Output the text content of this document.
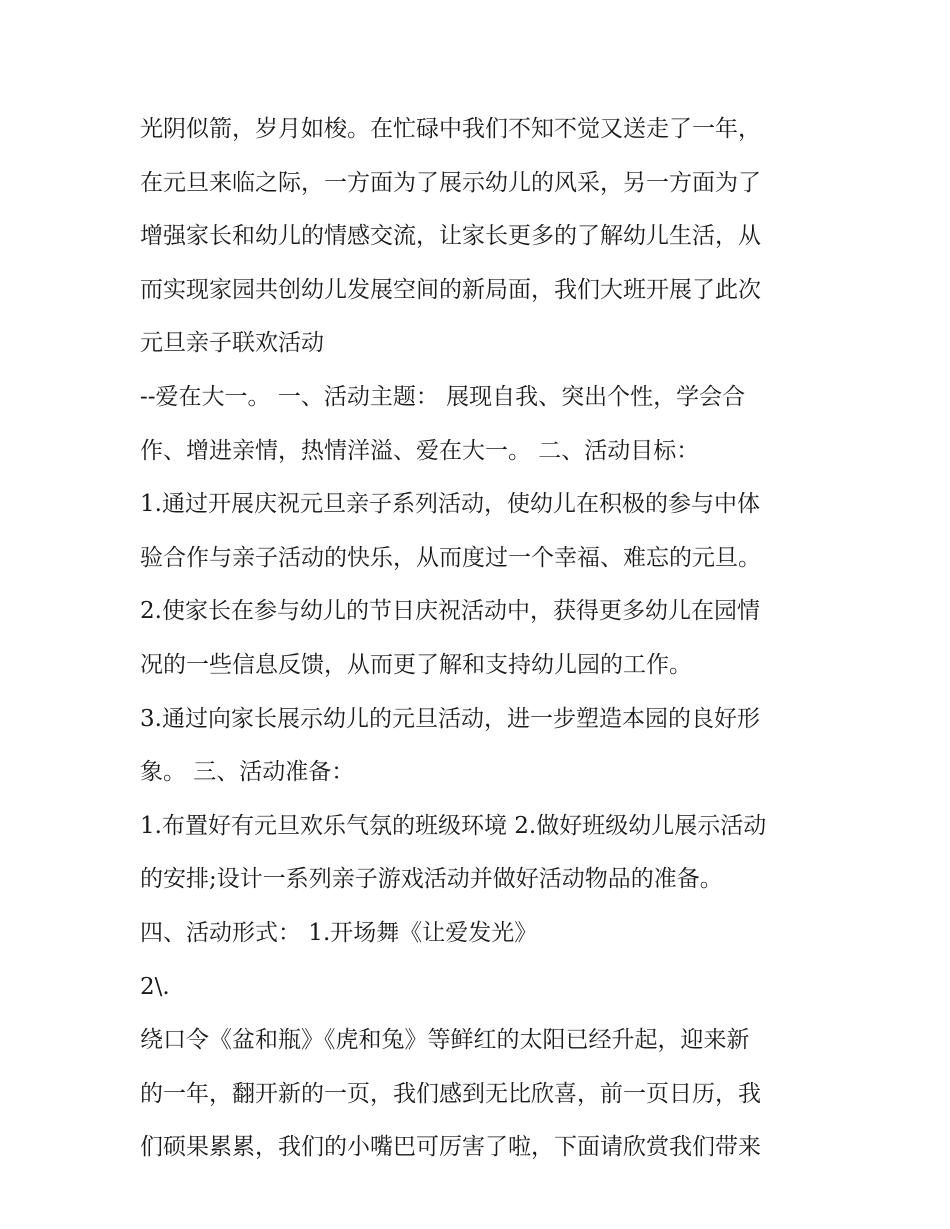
光阴似箭，岁月如梭。在忙碌中我们不知不觉又送走了一年，
在元旦来临之际，一方面为了展示幼儿的风采，另一方面为了
增强家长和幼儿的情感交流，让家长更多的了解幼儿生活，从
而实现家园共创幼儿发展空间的新局面，我们大班开展了此次
元旦亲子联欢活动
--爱在大一。 一、活动主题： 展现自我、突出个性，学会合
作、增进亲情，热情洋溢、爱在大一。 二、活动目标：
1.通过开展庆祝元旦亲子系列活动，使幼儿在积极的参与中体
验合作与亲子活动的快乐，从而度过一个幸福、难忘的元旦。
2.使家长在参与幼儿的节日庆祝活动中，获得更多幼儿在园情
况的一些信息反馈，从而更了解和支持幼儿园的工作。
3.通过向家长展示幼儿的元旦活动，进一步塑造本园的良好形
象。 三、活动准备：
1.布置好有元旦欢乐气氛的班级环境 2.做好班级幼儿展示活动
的安排;设计一系列亲子游戏活动并做好活动物品的准备。
四、活动形式： 1.开场舞《让爱发光》
2\.
绕口令《盆和瓶》《虎和兔》等鲜红的太阳已经升起，迎来新
的一年，翻开新的一页，我们感到无比欣喜，前一页日历，我
们硕果累累，我们的小嘴巴可厉害了啦，下面请欣赏我们带来
